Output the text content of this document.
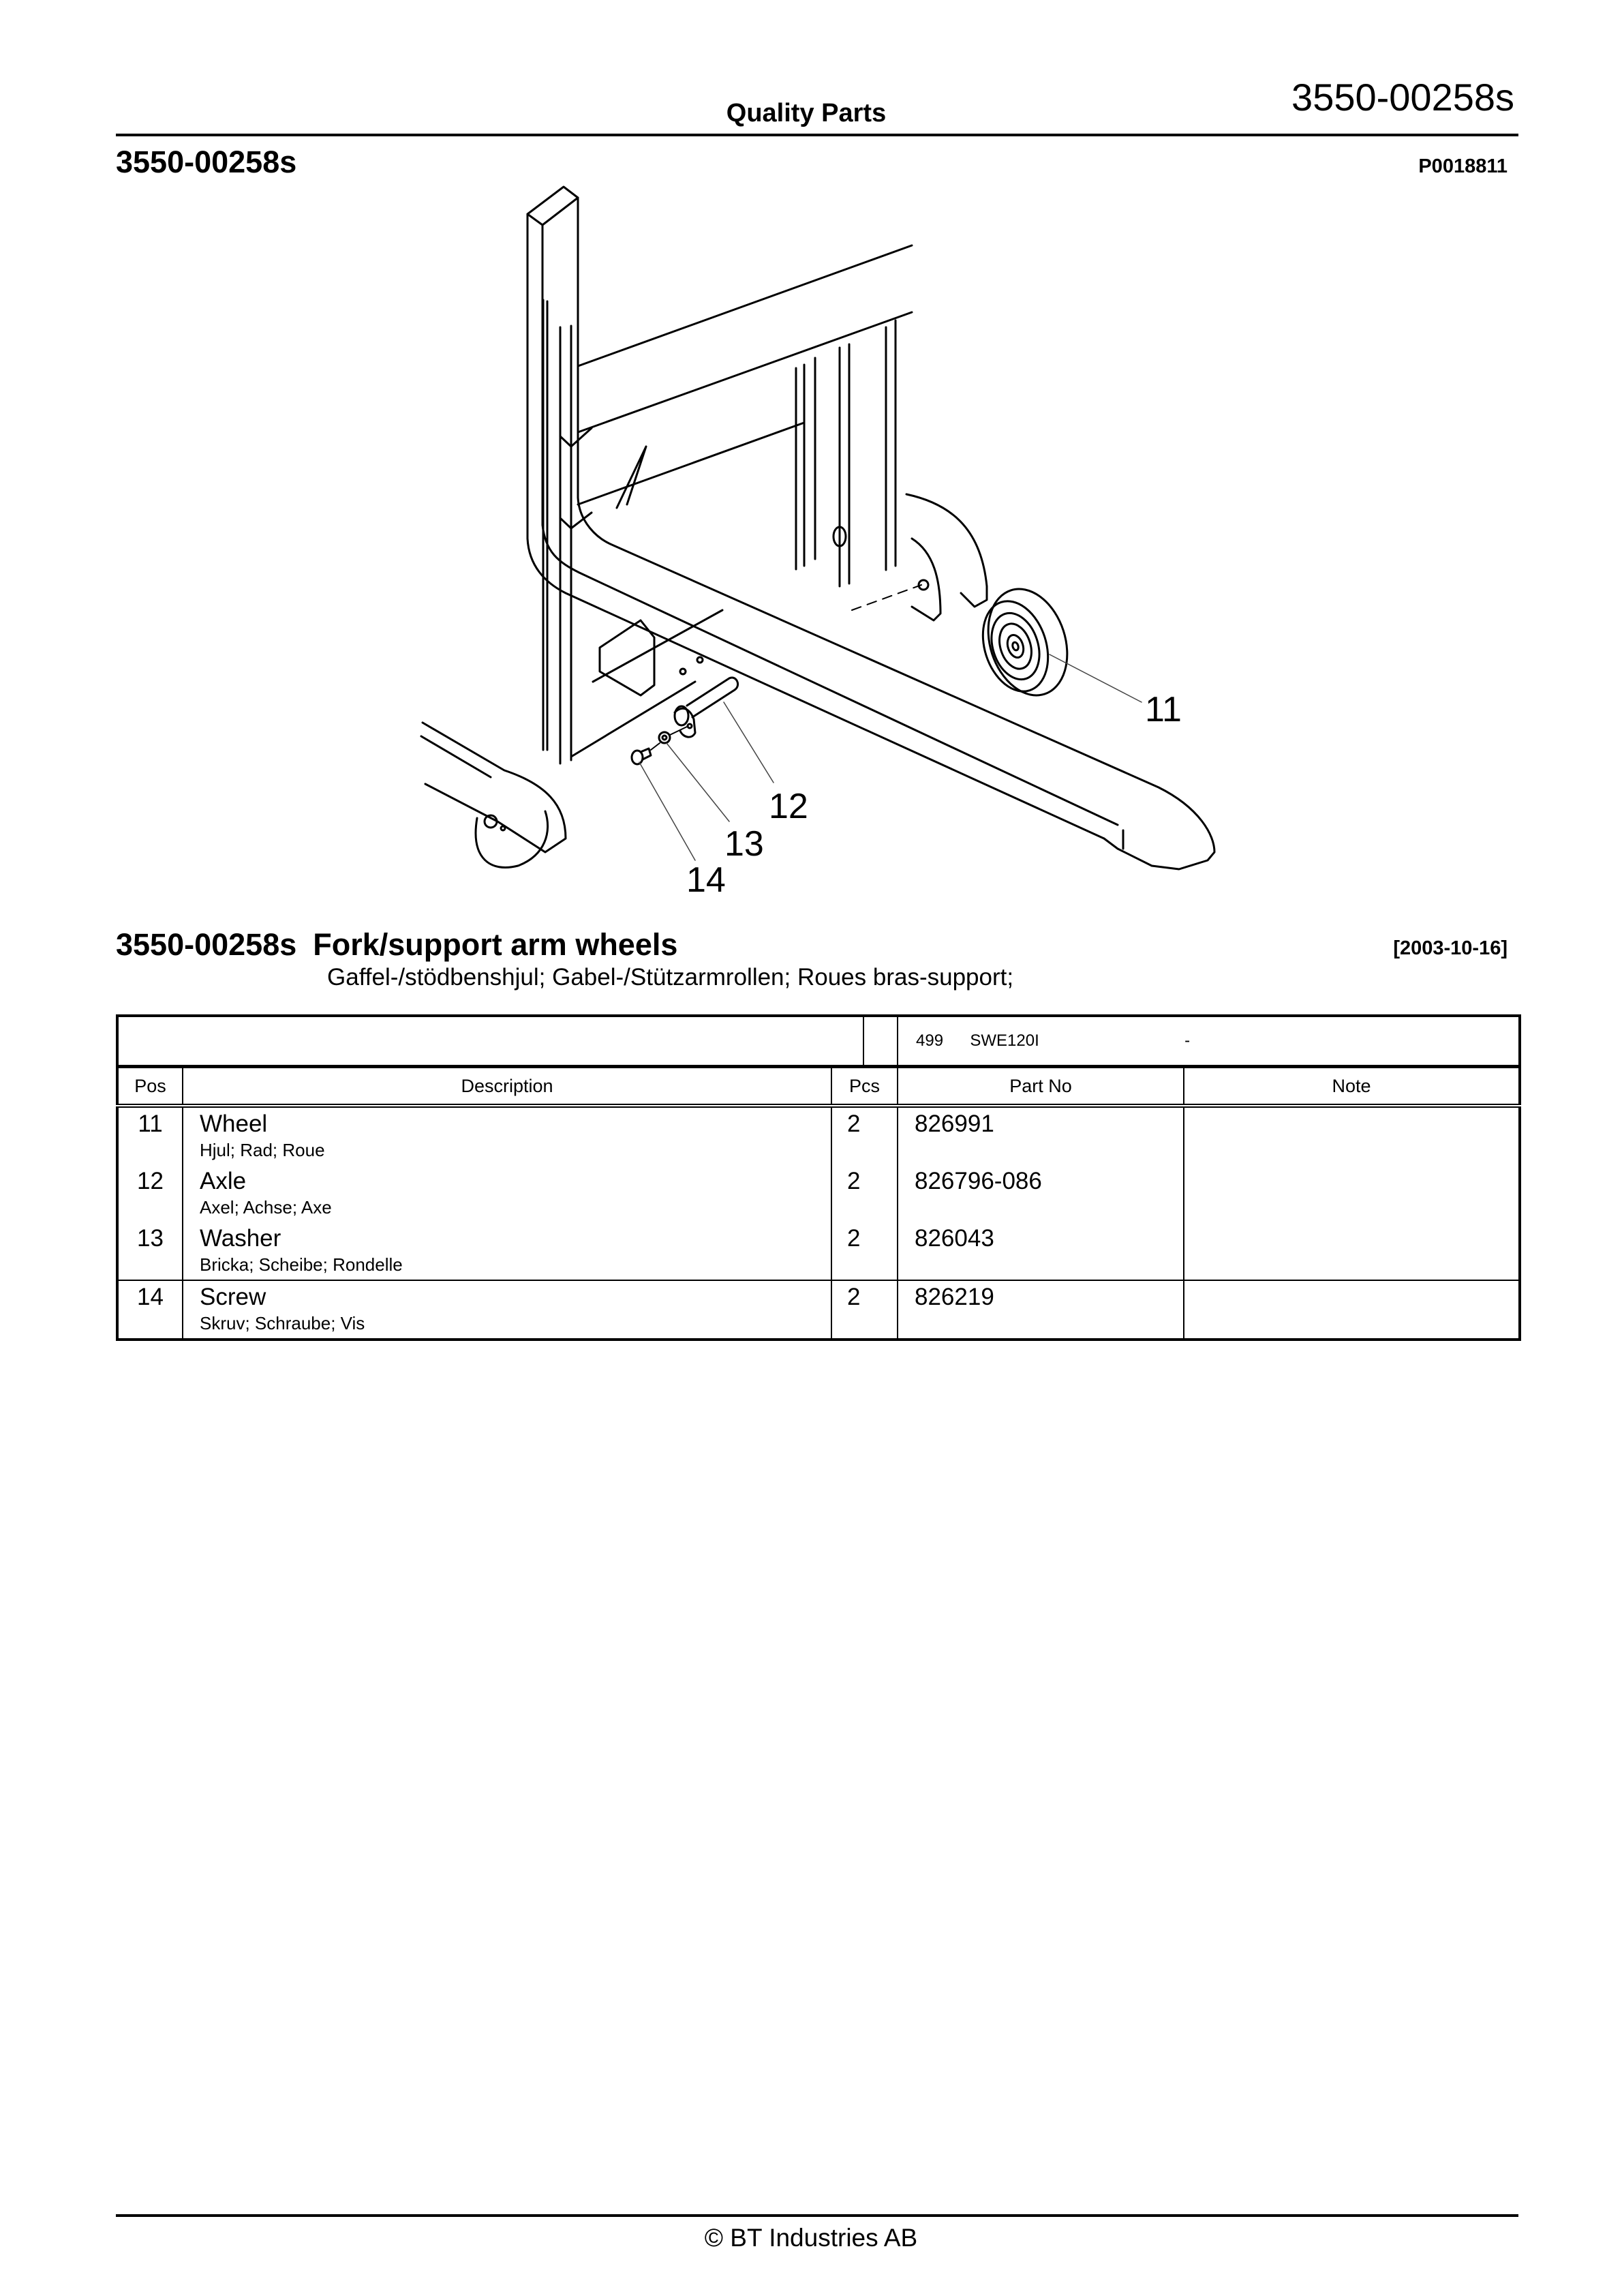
Quality Parts	3550-00258s
3550-00258s	P0018811
11
12
13
14
3550-00258s Fork/support arm wheels	[2003-10-16]
Gaffel-/stödbenshjul; Gabel-/Stützarmrollen; Roues bras-support;

499 SWE120I -	
Pos	Description	Pcs	Part No	Note
11	Wheel
Hjul; Rad; Roue	2	826991	
12	Axle
Axel; Achse; Axe	2	826796-086	
13	Washer
Bricka; Scheibe; Rondelle	2	826043	
14	Screw
Skruv; Schraube; Vis	2	826219	
© BT Industries AB
